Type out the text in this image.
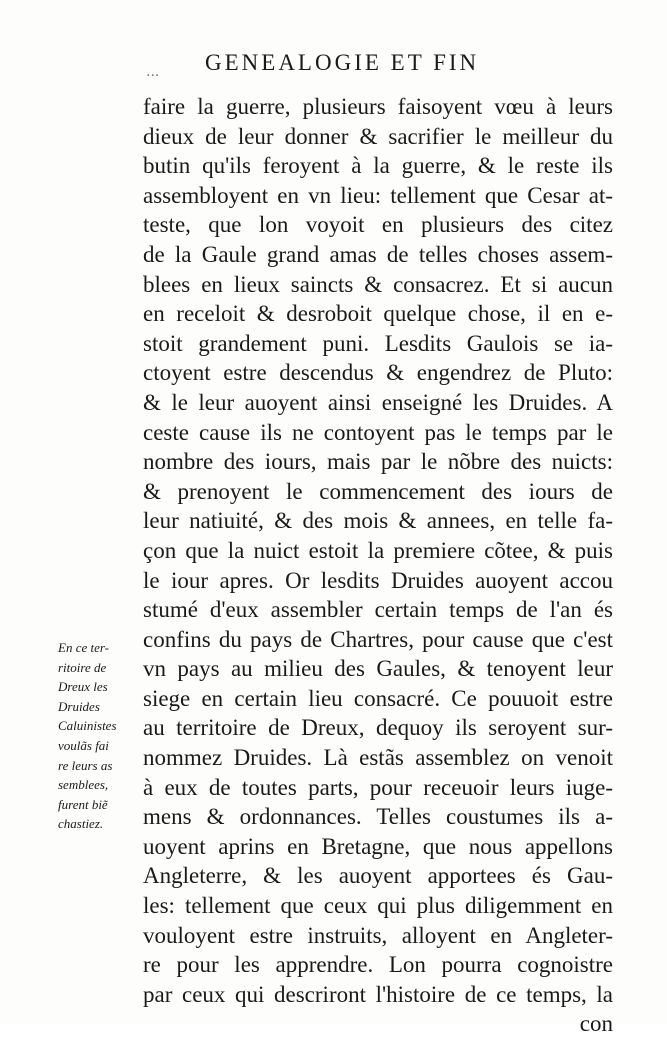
... GENEALOGIE ET FIN
faire la guerre, plusieurs faisoyent vœu à leurs
dieux de leur donner & sacrifier le meilleur du
butin qu'ils feroyent à la guerre, & le reste ils
assembloyent en vn lieu: tellement que Cesar at-
teste, que lon voyoit en plusieurs des citez
de la Gaule grand amas de telles choses assem-
blees en lieux saincts & consacrez. Et si aucun
en receloit & desroboit quelque chose, il en e-
stoit grandement puni. Lesdits Gaulois se ia-
ctoyent estre descendus & engendrez de Pluto:
& le leur auoyent ainsi enseigné les Druides. A
ceste cause ils ne contoyent pas le temps par le
nombre des iours, mais par le nõbre des nuicts:
& prenoyent le commencement des iours de
leur natiuité, & des mois & annees, en telle fa-
çon que la nuict estoit la premiere cõtee, & puis
le iour apres. Or lesdits Druides auoyent accou
stumé d'eux assembler certain temps de l'an és
confins du pays de Chartres, pour cause que c'est
vn pays au milieu des Gaules, & tenoyent leur
siege en certain lieu consacré. Ce pouuoit estre
au territoire de Dreux, dequoy ils seroyent sur-
nommez Druides. Là estãs assemblez on venoit
à eux de toutes parts, pour receuoir leurs iuge-
mens & ordonnances. Telles coustumes ils a-
uoyent aprins en Bretagne, que nous appellons
Angleterre, & les auoyent apportees és Gau-
les: tellement que ceux qui plus diligemment en
vouloyent estre instruits, alloyent en Angleter-
re pour les apprendre. Lon pourra cognoistre
par ceux qui descriront l'histoire de ce temps, la
con
En ce ter-
ritoire de
Dreux les
Druides
Caluinistes
voulãs fai
re leurs as
semblees,
furent biẽ
chastiez.
